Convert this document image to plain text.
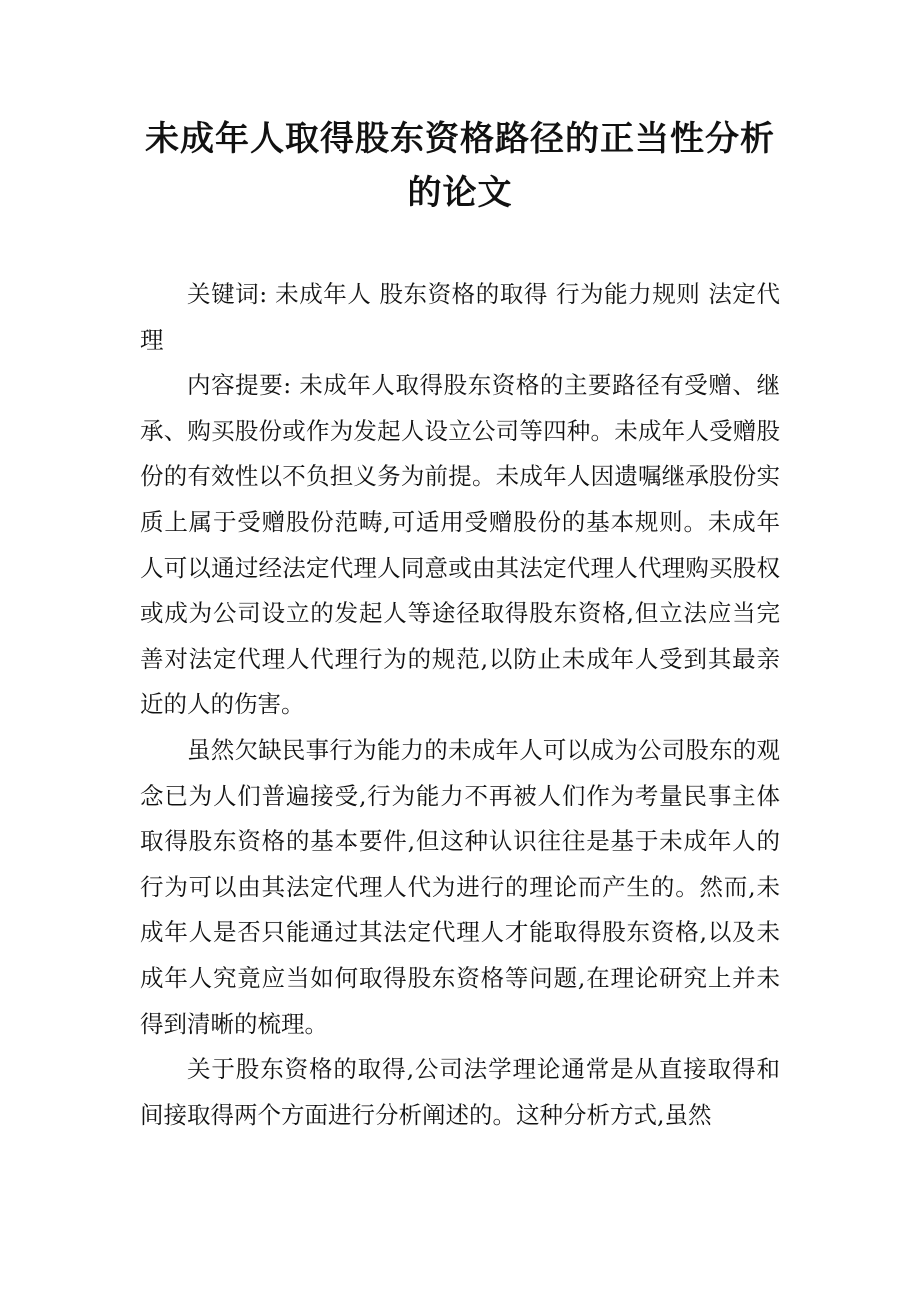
未成年人取得股东资格路径的正当性分析的论文

关键词: 未成年人 股东资格的取得 行为能力规则 法定代理

内容提要: 未成年人取得股东资格的主要路径有受赠、继承、购买股份或作为发起人设立公司等四种。未成年人受赠股份的有效性以不负担义务为前提。未成年人因遗嘱继承股份实质上属于受赠股份范畴,可适用受赠股份的基本规则。未成年人可以通过经法定代理人同意或由其法定代理人代理购买股权或成为公司设立的发起人等途径取得股东资格,但立法应当完善对法定代理人代理行为的规范,以防止未成年人受到其最亲近的人的伤害。

虽然欠缺民事行为能力的未成年人可以成为公司股东的观念已为人们普遍接受,行为能力不再被人们作为考量民事主体取得股东资格的基本要件,但这种认识往往是基于未成年人的行为可以由其法定代理人代为进行的理论而产生的。然而,未成年人是否只能通过其法定代理人才能取得股东资格,以及未成年人究竟应当如何取得股东资格等问题,在理论研究上并未得到清晰的梳理。

关于股东资格的取得,公司法学理论通常是从直接取得和间接取得两个方面进行分析阐述的。这种分析方式,虽然
